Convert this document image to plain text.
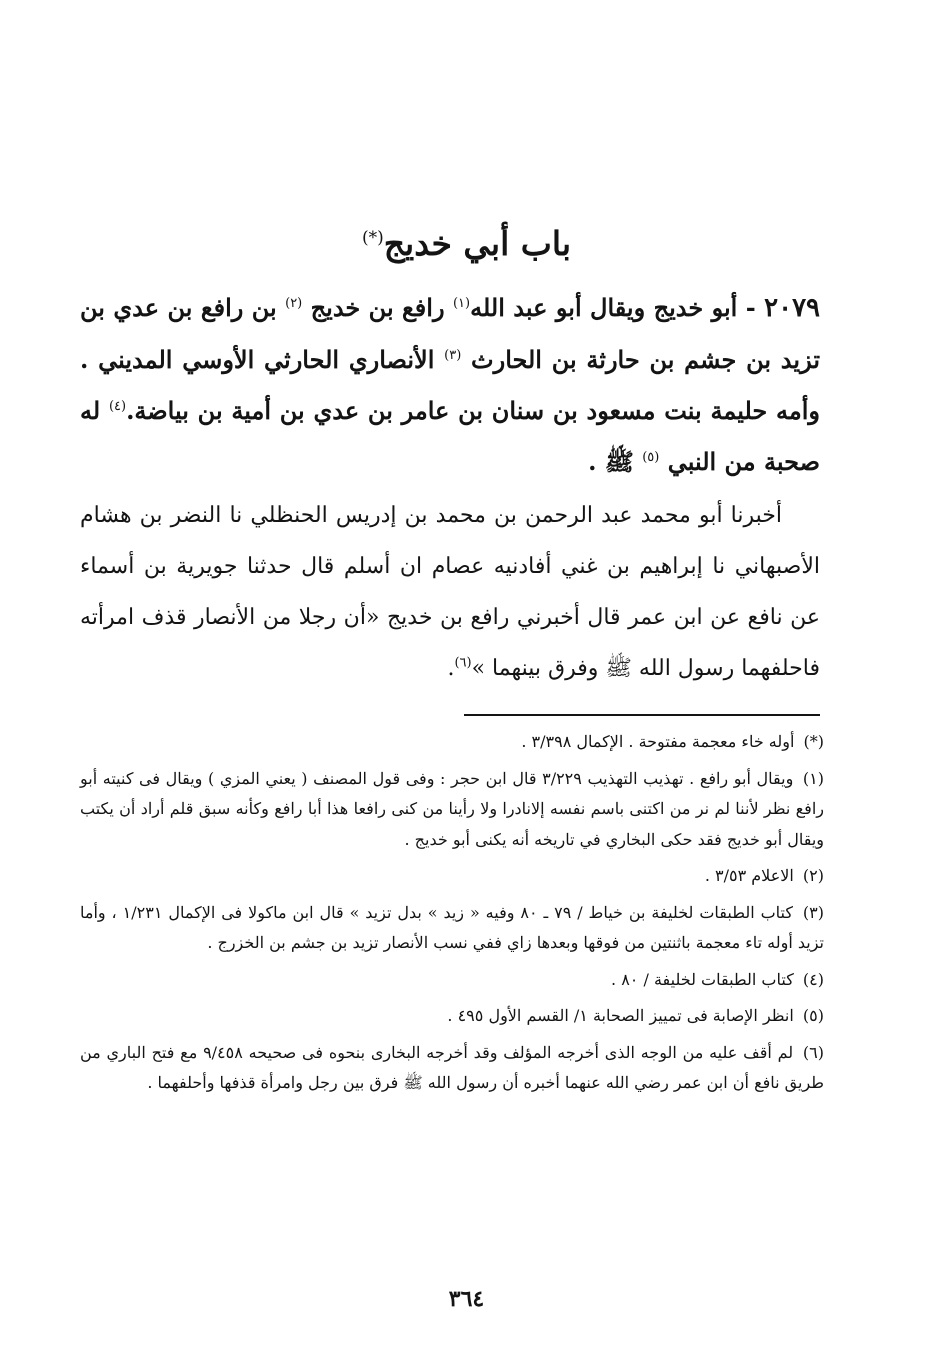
باب أبي خديج(*)
٢٠٧٩ - أبو خديج ويقال أبو عبد الله$^{(١)}$ رافع بن خديج $^{(٢)}$ بن رافع بن عدي بن تزيد بن جشم بن حارثة بن الحارث $^{(٣)}$ الأنصاري الحارثي الأوسي المديني . وأمه حليمة بنت مسعود بن سنان بن عامر بن عدي بن أمية بن بياضة.$^{(٤)}$ له صحبة من النبي $^{(٥)}$ ﷺ .
أخبرنا أبو محمد عبد الرحمن بن محمد بن إدريس الحنظلي نا النضر بن هشام الأصبهاني نا إبراهيم بن غني أفادنيه عصام ان أسلم قال حدثنا جويرية بن أسماء عن نافع عن ابن عمر قال أخبرني رافع بن خديج «أن رجلا من الأنصار قذف امرأته فاحلفهما رسول الله ﷺ وفرق بينهما »$^{(٦)}$.
(*) أوله خاء معجمة مفتوحة . الإكمال ٣/٣٩٨ .
(١) ويقال أبو رافع . تهذيب التهذيب ٣/٢٢٩ قال ابن حجر : وفى قول المصنف ( يعني المزي ) ويقال فى كنيته أبو رافع نظر لأننا لم نر من اكتنى باسم نفسه إلانادرا ولا رأينا من كنى رافعا هذا أبا رافع وكأنه سبق قلم أراد أن يكتب ويقال أبو خديج فقد حكى البخاري في تاريخه أنه يكنى أبو خديج .
(٢) الاعلام ٣/٥٣ .
(٣) كتاب الطبقات لخليفة بن خياط / ٧٩ ـ ٨٠ وفيه « زيد » بدل تزيد » قال ابن ماكولا فى الإكمال ١/٢٣١ ، وأما تزيد أوله تاء معجمة باثنتين من فوقها وبعدها زاي ففي نسب الأنصار تزيد بن جشم بن الخزرج .
(٤) كتاب الطبقات لخليفة / ٨٠ .
(٥) انظر الإصابة فى تمييز الصحابة ١/ القسم الأول ٤٩٥ .
(٦) لم أقف عليه من الوجه الذى أخرجه المؤلف وقد أخرجه البخارى بنحوه فى صحيحه ٩/٤٥٨ مع فتح الباري من طريق نافع أن ابن عمر رضي الله عنهما أخبره أن رسول الله ﷺ فرق بين رجل وامرأة قذفها وأحلفهما .
٣٦٤
